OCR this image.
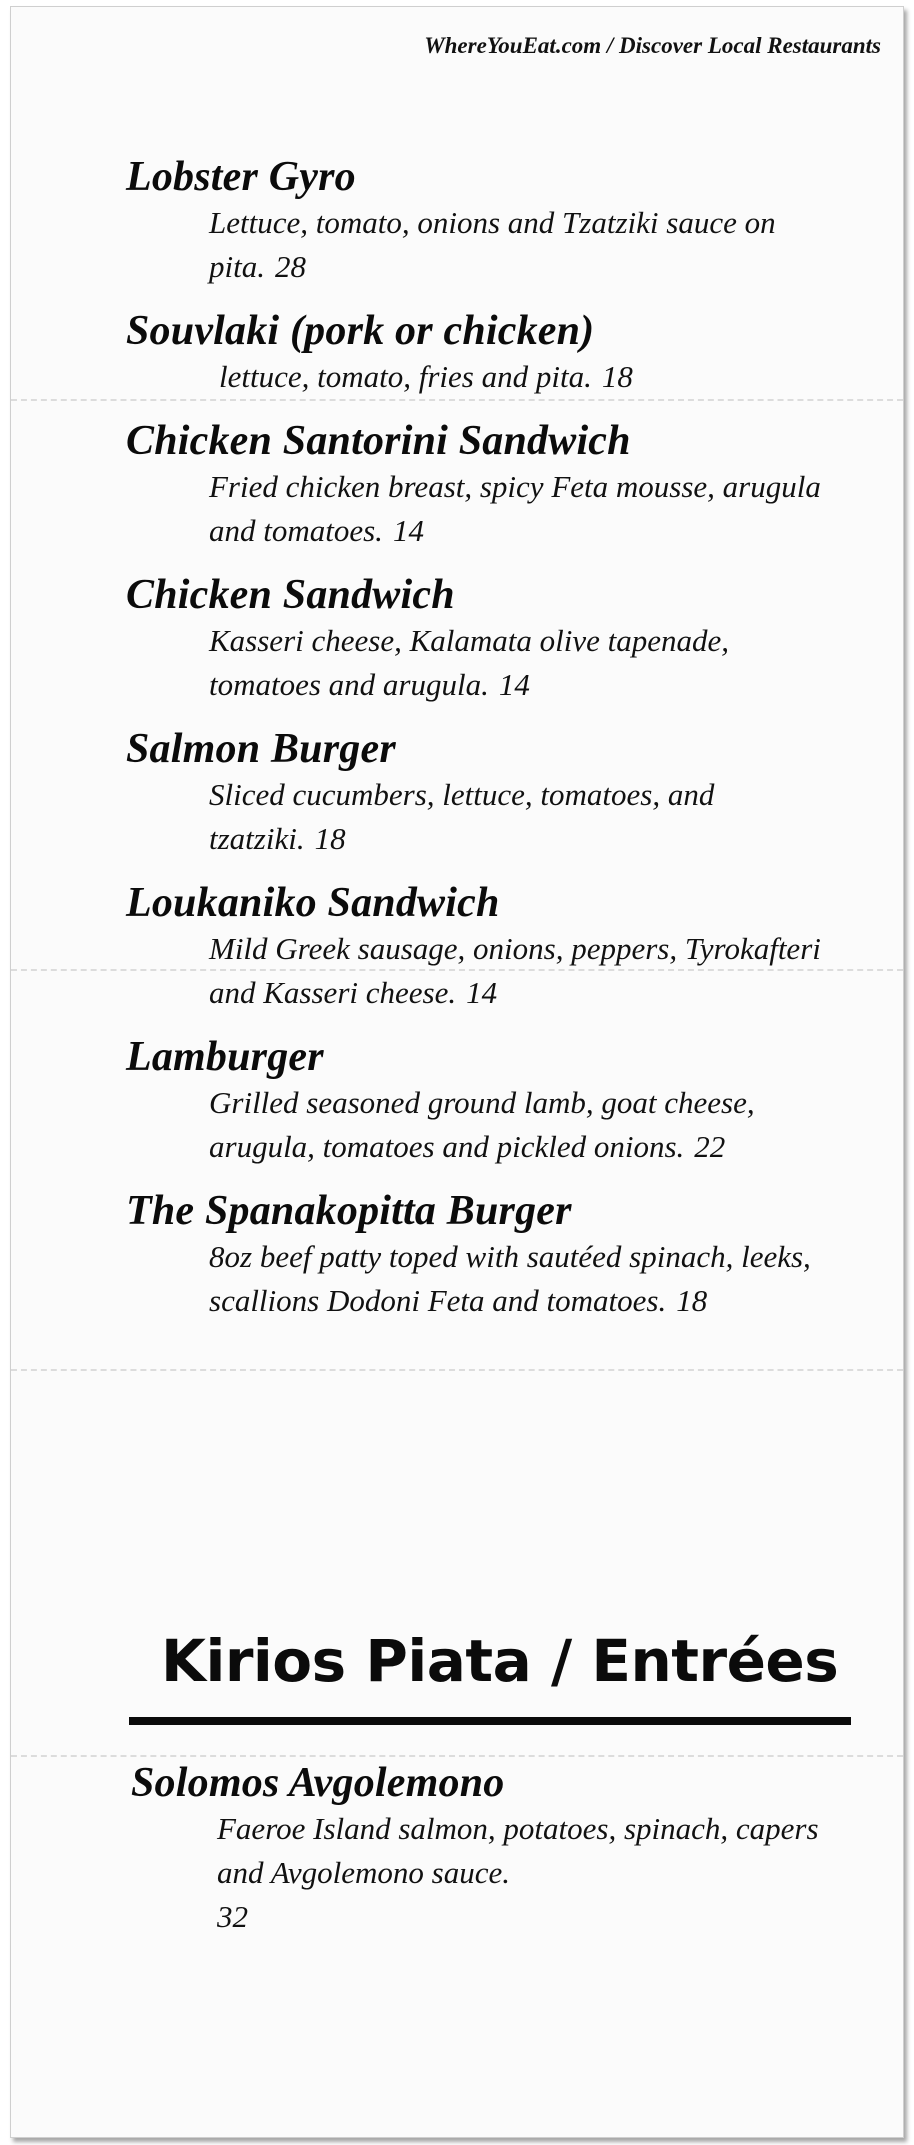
WhereYouEat.com / Discover Local Restaurants
Lobster Gyro
Lettuce, tomato, onions and Tzatziki sauce on pita. 28
Souvlaki (pork or chicken)
lettuce, tomato, fries and pita. 18
Chicken Santorini Sandwich
Fried chicken breast, spicy Feta mousse, arugula and tomatoes. 14
Chicken Sandwich
Kasseri cheese, Kalamata olive tapenade, tomatoes and arugula. 14
Salmon Burger
Sliced cucumbers, lettuce, tomatoes, and tzatziki. 18
Loukaniko Sandwich
Mild Greek sausage, onions, peppers, Tyrokafteri and Kasseri cheese. 14
Lamburger
Grilled seasoned ground lamb, goat cheese, arugula, tomatoes and pickled onions. 22
The Spanakopitta Burger
8oz beef patty toped with sautéed spinach, leeks, scallions Dodoni Feta and tomatoes. 18
Kirios Piata / Entrées
Solomos Avgolemono
Faeroe Island salmon, potatoes, spinach, capers and Avgolemono sauce.
32
